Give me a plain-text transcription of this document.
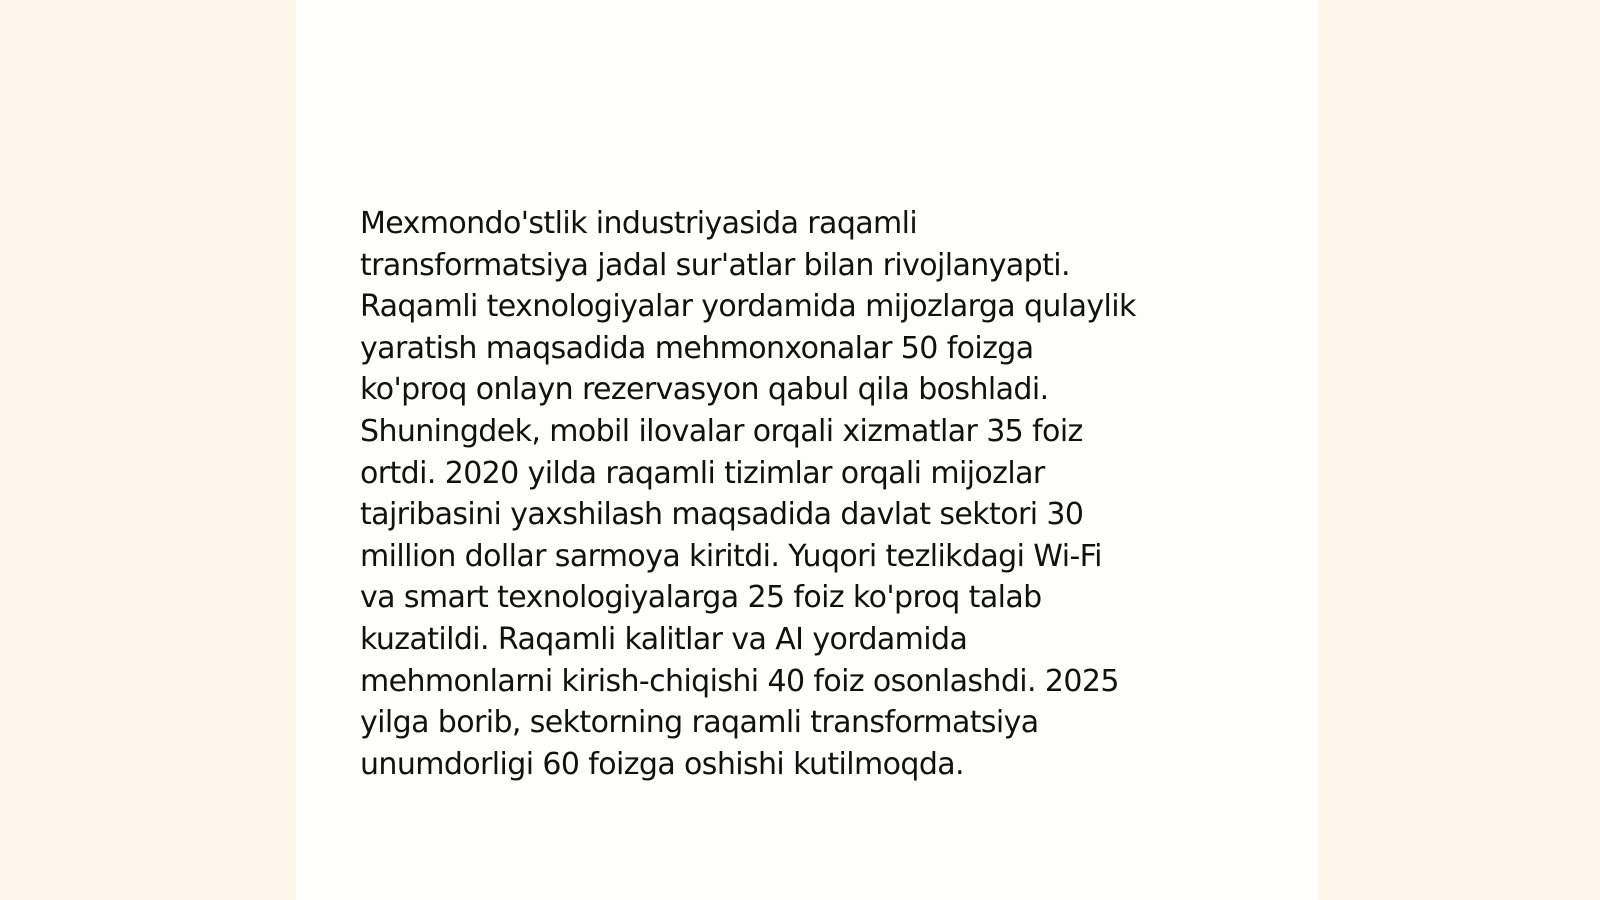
Mexmondo'stlik industriyasida raqamli
transformatsiya jadal sur'atlar bilan rivojlanyapti.
Raqamli texnologiyalar yordamida mijozlarga qulaylik
yaratish maqsadida mehmonxonalar 50 foizga
ko'proq onlayn rezervasyon qabul qila boshladi.
Shuningdek, mobil ilovalar orqali xizmatlar 35 foiz
ortdi. 2020 yilda raqamli tizimlar orqali mijozlar
tajribasini yaxshilash maqsadida davlat sektori 30
million dollar sarmoya kiritdi. Yuqori tezlikdagi Wi-Fi
va smart texnologiyalarga 25 foiz ko'proq talab
kuzatildi. Raqamli kalitlar va AI yordamida
mehmonlarni kirish-chiqishi 40 foiz osonlashdi. 2025
yilga borib, sektorning raqamli transformatsiya
unumdorligi 60 foizga oshishi kutilmoqda.
